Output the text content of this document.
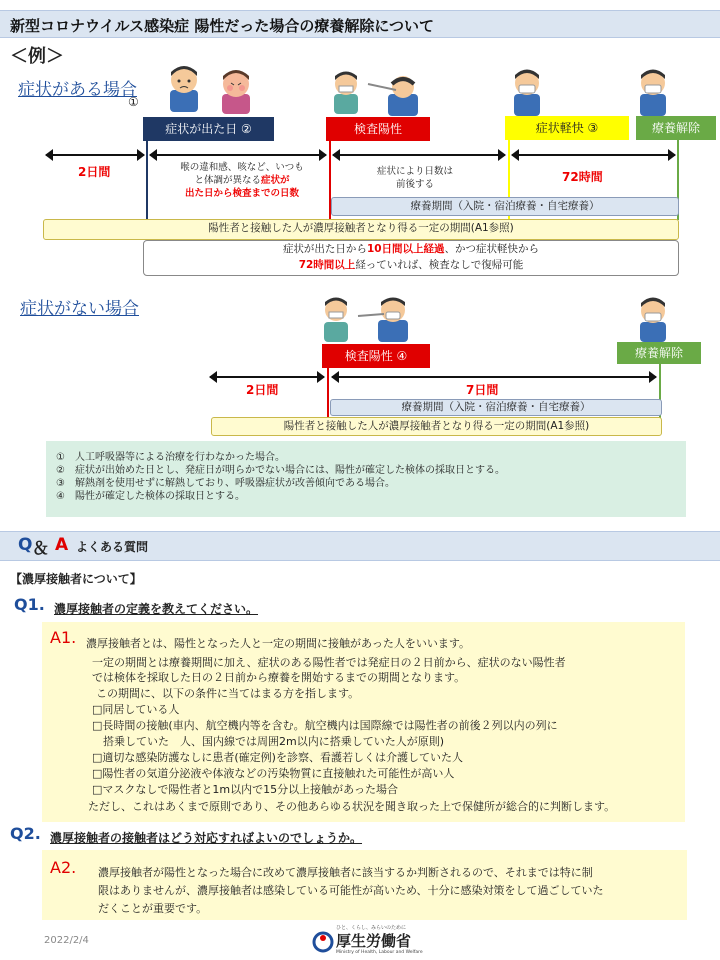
新型コロナウイルス感染症 陽性だった場合の療養解除について
＜例＞
症状がある場合
①
症状が出た日 ②	検査陽性	症状軽快 ③	療養解除
2日間	喉の違和感、咳など、いつも
と体調が異なる症状が
出た日から検査までの日数
症状により日数は
前後する
72時間
療養期間（入院・宿泊療養・自宅療養）
陽性者と接触した人が濃厚接触者となり得る一定の期間(A1参照)
症状が出た日から10日間以上経過、かつ症状軽快から
72時間以上経っていれば、検査なしで復帰可能
症状がない場合
検査陽性 ④	療養解除
2日間	7日間
療養期間（入院・宿泊療養・自宅療養）
陽性者と接触した人が濃厚接触者となり得る一定の期間(A1参照)
①　人工呼吸器等による治療を行わなかった場合。
②　症状が出始めた日とし、発症日が明らかでない場合には、陽性が確定した検体の採取日とする。
③　解熱剤を使用せずに解熱しており、呼吸器症状が改善傾向である場合。
④　陽性が確定した検体の採取日とする。
Q ＆ A よくある質問
【濃厚接触者について】
Q1. 濃厚接触者の定義を教えてください。
A1. 濃厚接触者とは、陽性となった人と一定の期間に接触があった人をいいます。
一定の期間とは療養期間に加え、症状のある陽性者では発症日の２日前から、症状のない陽性者
では検体を採取した日の２日前から療養を開始するまでの期間となります。
この期間に、以下の条件に当てはまる方を指します。
□同居している人
□長時間の接触(車内、航空機内等を含む。航空機内は国際線では陽性者の前後２列以内の列に
　搭乗していた　人、国内線では周囲2m以内に搭乗していた人が原則)
□適切な感染防護なしに患者(確定例)を診察、看護若しくは介護していた人
□陽性者の気道分泌液や体液などの汚染物質に直接触れた可能性が高い人
□マスクなしで陽性者と1m以内で15分以上接触があった場合
ただし、これはあくまで原則であり、その他あらゆる状況を聞き取った上で保健所が総合的に判断します。
Q2. 濃厚接触者の接触者はどう対応すればよいのでしょうか。
A2. 濃厚接触者が陽性となった場合に改めて濃厚接触者に該当するか判断されるので、それまでは特に制
限はありませんが、濃厚接触者は感染している可能性が高いため、十分に感染対策をして過ごしていた
だくことが重要です。
2022/2/4
ひと、くらし、みらいのために
厚生労働省
Ministry of Health, Labour and Welfare
